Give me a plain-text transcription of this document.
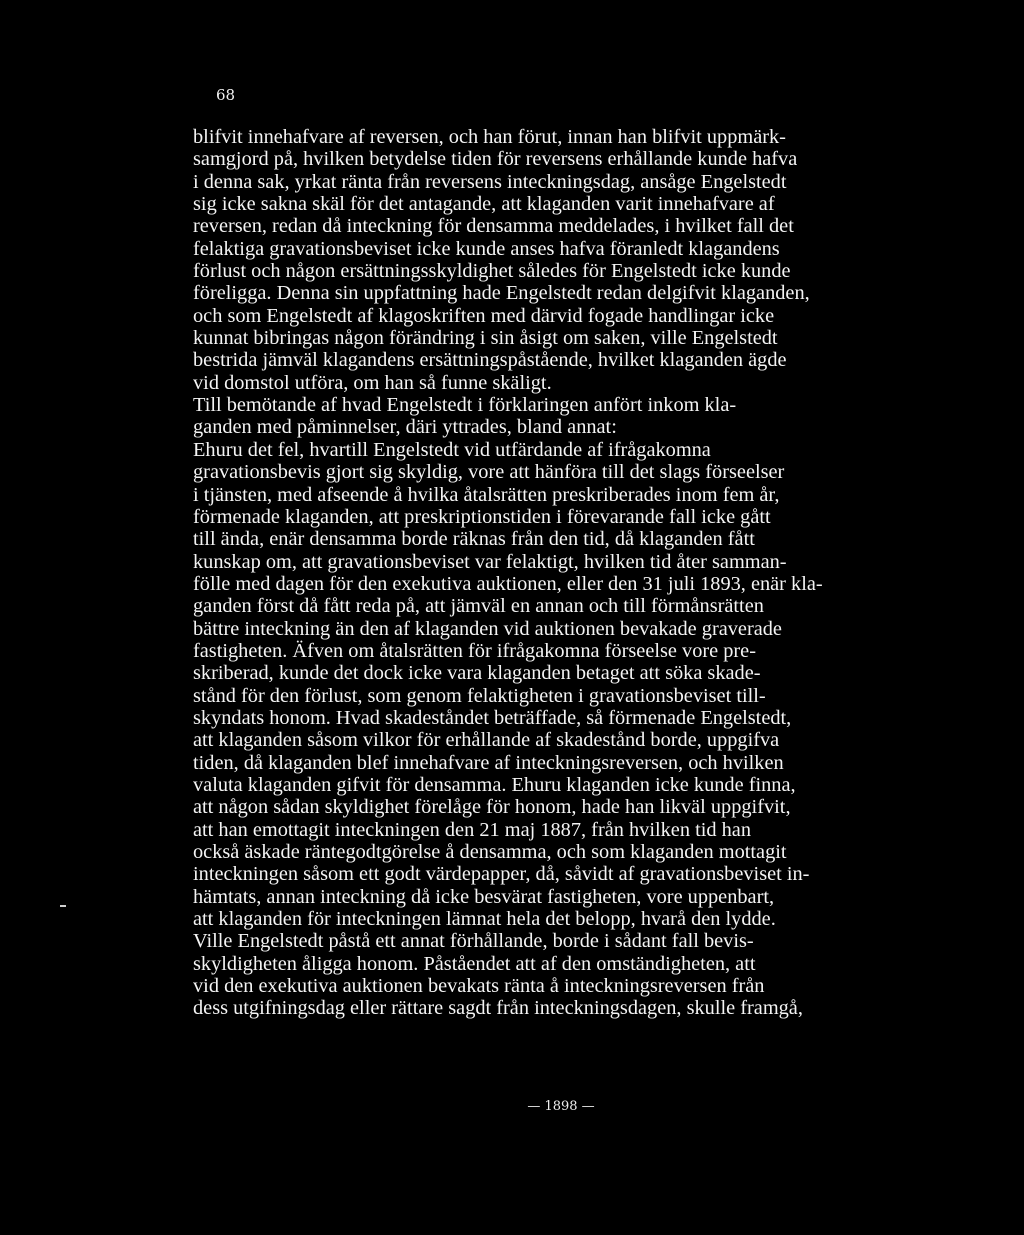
68
blifvit innehafvare af reversen, och han förut, innan han blifvit uppmärk-
samgjord på, hvilken betydelse tiden för reversens erhållande kunde hafva
i denna sak, yrkat ränta från reversens inteckningsdag, ansåge Engelstedt
sig icke sakna skäl för det antagande, att klaganden varit innehafvare af
reversen, redan då inteckning för densamma meddelades, i hvilket fall det
felaktiga gravationsbeviset icke kunde anses hafva föranledt klagandens
förlust och någon ersättningsskyldighet således för Engelstedt icke kunde
föreligga. Denna sin uppfattning hade Engelstedt redan delgifvit klaganden,
och som Engelstedt af klagoskriften med därvid fogade handlingar icke
kunnat bibringas någon förändring i sin åsigt om saken, ville Engelstedt
bestrida jämväl klagandens ersättningspåstående, hvilket klaganden ägde
vid domstol utföra, om han så funne skäligt.
Till bemötande af hvad Engelstedt i förklaringen anfört inkom kla-
ganden med påminnelser, däri yttrades, bland annat:
Ehuru det fel, hvartill Engelstedt vid utfärdande af ifrågakomna
gravationsbevis gjort sig skyldig, vore att hänföra till det slags förseelser
i tjänsten, med afseende å hvilka åtalsrätten preskriberades inom fem år,
förmenade klaganden, att preskriptionstiden i förevarande fall icke gått
till ända, enär densamma borde räknas från den tid, då klaganden fått
kunskap om, att gravationsbeviset var felaktigt, hvilken tid åter samman-
fölle med dagen för den exekutiva auktionen, eller den 31 juli 1893, enär kla-
ganden först då fått reda på, att jämväl en annan och till förmånsrätten
bättre inteckning än den af klaganden vid auktionen bevakade graverade
fastigheten. Äfven om åtalsrätten för ifrågakomna förseelse vore pre-
skriberad, kunde det dock icke vara klaganden betaget att söka skade-
stånd för den förlust, som genom felaktigheten i gravationsbeviset till-
skyndats honom. Hvad skadeståndet beträffade, så förmenade Engelstedt,
att klaganden såsom vilkor för erhållande af skadestånd borde, uppgifva
tiden, då klaganden blef innehafvare af inteckningsreversen, och hvilken
valuta klaganden gifvit för densamma. Ehuru klaganden icke kunde finna,
att någon sådan skyldighet förelåge för honom, hade han likväl uppgifvit,
att han emottagit inteckningen den 21 maj 1887, från hvilken tid han
också äskade räntegodtgörelse å densamma, och som klaganden mottagit
inteckningen såsom ett godt värdepapper, då, såvidt af gravationsbeviset in-
hämtats, annan inteckning då icke besvärat fastigheten, vore uppenbart,
att klaganden för inteckningen lämnat hela det belopp, hvarå den lydde.
Ville Engelstedt påstå ett annat förhållande, borde i sådant fall bevis-
skyldigheten åligga honom. Påståendet att af den omständigheten, att
vid den exekutiva auktionen bevakats ränta å inteckningsreversen från
dess utgifningsdag eller rättare sagdt från inteckningsdagen, skulle framgå,
— 1898 —
